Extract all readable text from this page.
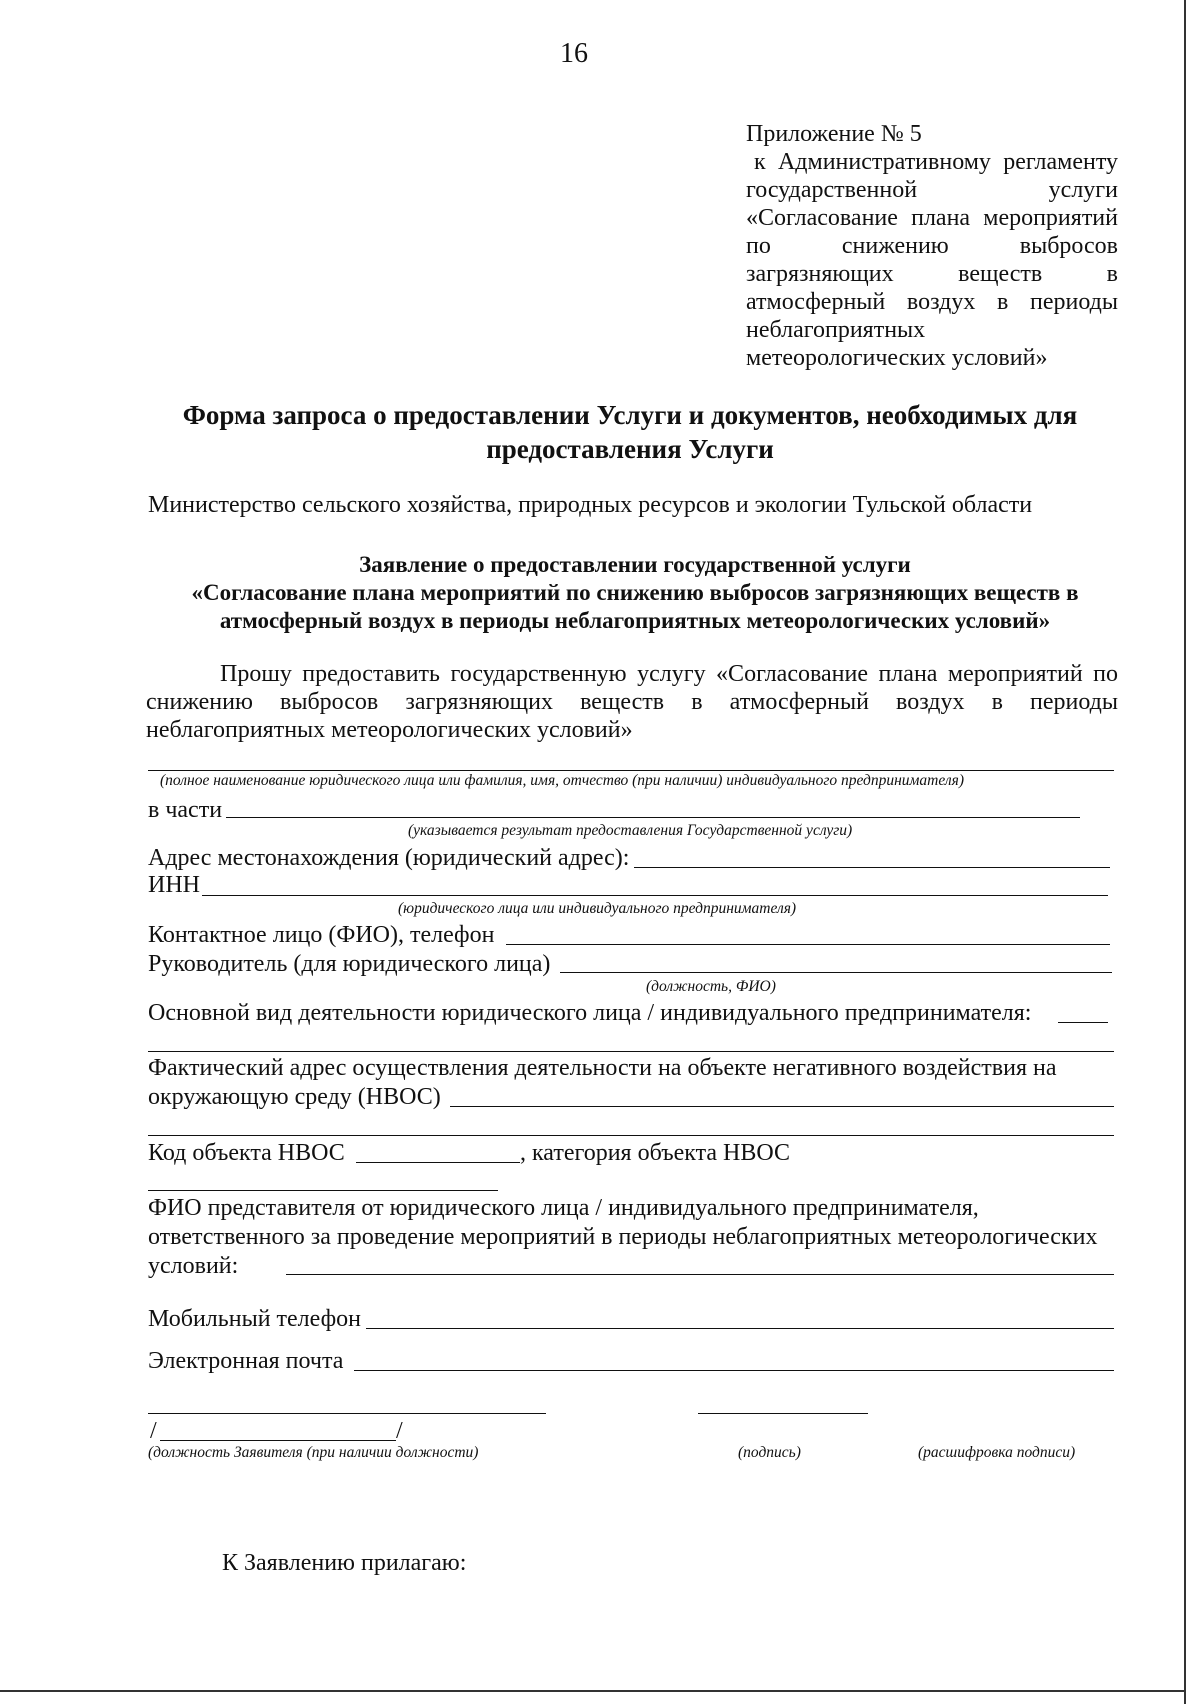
16
Приложение № 5
к Административному регламенту
государственной услуги
«Согласование плана мероприятий
по снижению выбросов
загрязняющих веществ в
атмосферный воздух в периоды
неблагоприятных
метеорологических условий»
Форма запроса о предоставлении Услуги и документов, необходимых для
предоставления Услуги
Министерство сельского хозяйства, природных ресурсов и экологии Тульской области
Заявление о предоставлении государственной услуги
«Согласование плана мероприятий по снижению выбросов загрязняющих веществ в
атмосферный воздух в периоды неблагоприятных метеорологических условий»
Прошу предоставить государственную услугу «Согласование плана мероприятий по
снижению выбросов загрязняющих веществ в атмосферный воздух в периоды
неблагоприятных метеорологических условий»
(полное наименование юридического лица или фамилия, имя, отчество (при наличии) индивидуального предпринимателя)
в части
(указывается результат предоставления Государственной услуги)
Адрес местонахождения (юридический адрес):
ИНН
(юридического лица или индивидуального предпринимателя)
Контактное лицо (ФИО), телефон
Руководитель (для юридического лица)
(должность, ФИО)
Основной вид деятельности юридического лица / индивидуального предпринимателя:
Фактический адрес осуществления деятельности на объекте негативного воздействия на
окружающую среду (НВОС)
Код объекта НВОС	, категория объекта НВОС
ФИО представителя от юридического лица / индивидуального предпринимателя,
ответственного за проведение мероприятий в периоды неблагоприятных метеорологических
условий:
Мобильный телефон
Электронная почта
/	/
(должность Заявителя (при наличии должности)	(подпись)	(расшифровка подписи)
К Заявлению прилагаю:
